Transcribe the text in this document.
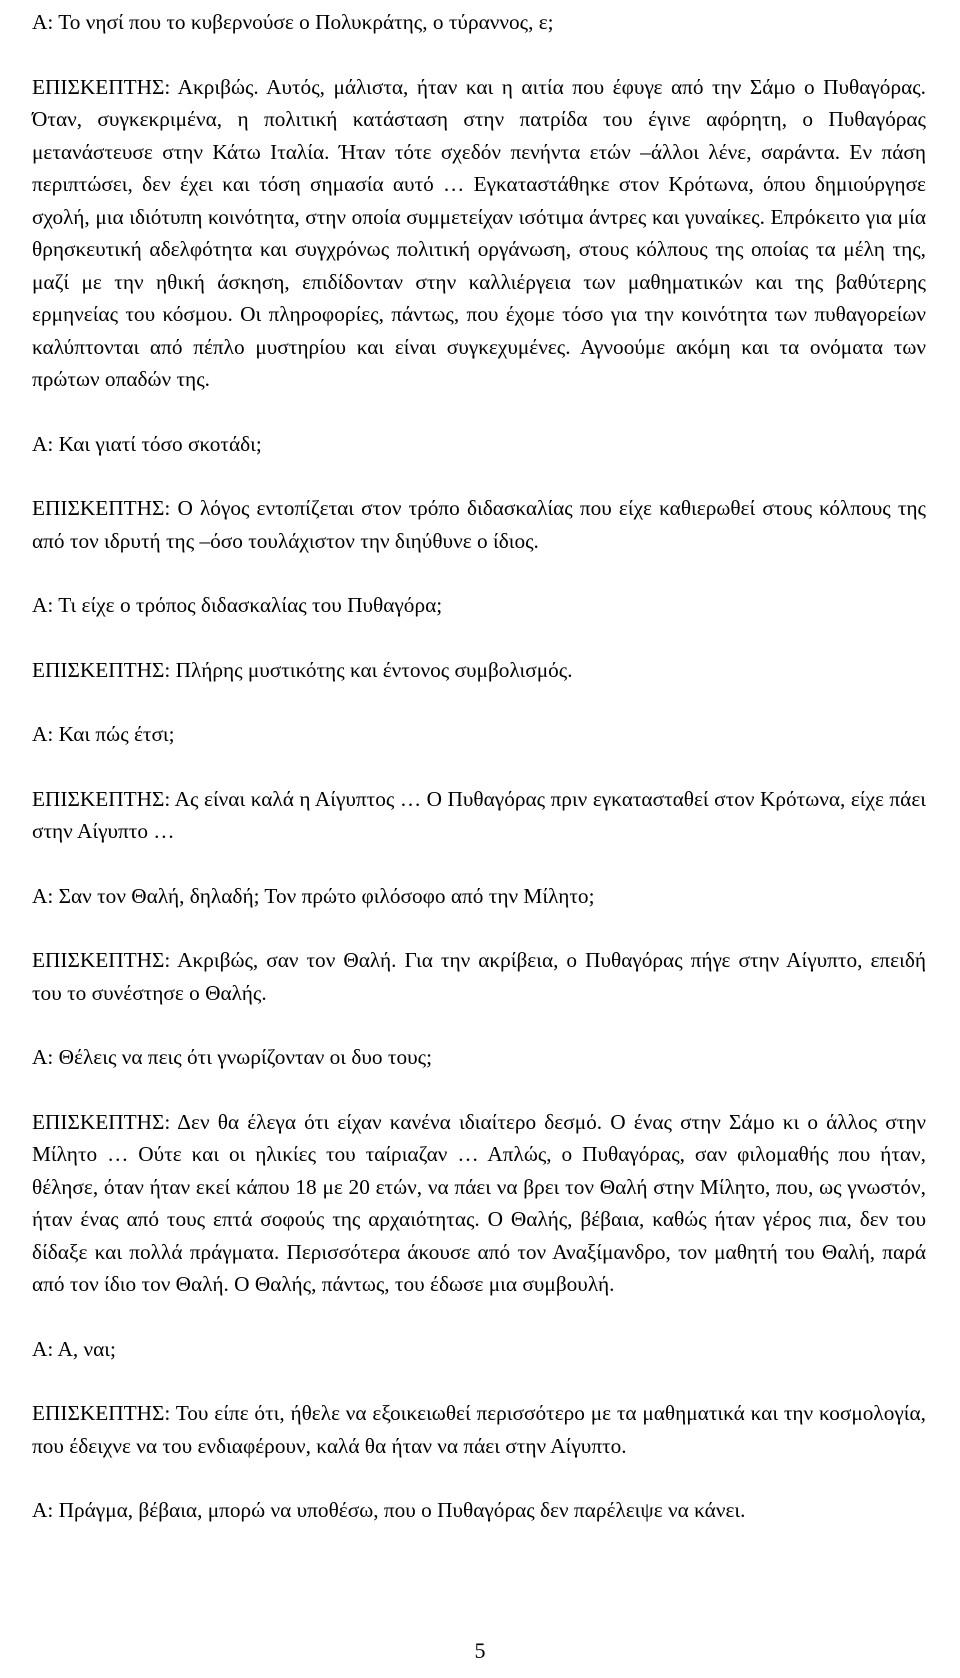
Α: Το νησί που το κυβερνούσε ο Πολυκράτης, ο τύραννος, ε;

ΕΠΙΣΚΕΠΤΗΣ: Ακριβώς. Αυτός, μάλιστα, ήταν και η αιτία που έφυγε από την Σάμο ο Πυθαγόρας. Όταν, συγκεκριμένα, η πολιτική κατάσταση στην πατρίδα του έγινε αφόρητη, ο Πυθαγόρας μετανάστευσε στην Κάτω Ιταλία. Ήταν τότε σχεδόν πενήντα ετών –άλλοι λένε, σαράντα. Εν πάση περιπτώσει, δεν έχει και τόση σημασία αυτό … Εγκαταστάθηκε στον Κρότωνα, όπου δημιούργησε σχολή, μια ιδιότυπη κοινότητα, στην οποία συμμετείχαν ισότιμα άντρες και γυναίκες. Επρόκειτο για μία θρησκευτική αδελφότητα και συγχρόνως πολιτική οργάνωση, στους κόλπους της οποίας τα μέλη της, μαζί με την ηθική άσκηση, επιδίδονταν στην καλλιέργεια των μαθηματικών και της βαθύτερης ερμηνείας του κόσμου. Οι πληροφορίες, πάντως, που έχομε τόσο για την κοινότητα των πυθαγορείων καλύπτονται από πέπλο μυστηρίου και είναι συγκεχυμένες. Αγνοούμε ακόμη και τα ονόματα των πρώτων οπαδών της.

Α: Και γιατί τόσο σκοτάδι;

ΕΠΙΣΚΕΠΤΗΣ: Ο λόγος εντοπίζεται στον τρόπο διδασκαλίας που είχε καθιερωθεί στους κόλπους της από τον ιδρυτή της –όσο τουλάχιστον την διηύθυνε ο ίδιος.

Α: Τι είχε ο τρόπος διδασκαλίας του Πυθαγόρα;

ΕΠΙΣΚΕΠΤΗΣ: Πλήρης μυστικότης και έντονος συμβολισμός.

Α: Και πώς έτσι;

ΕΠΙΣΚΕΠΤΗΣ: Ας είναι καλά η Αίγυπτος … Ο Πυθαγόρας πριν εγκατασταθεί στον Κρότωνα, είχε πάει στην Αίγυπτο …

Α: Σαν τον Θαλή, δηλαδή; Τον πρώτο φιλόσοφο από την Μίλητο;

ΕΠΙΣΚΕΠΤΗΣ: Ακριβώς, σαν τον Θαλή. Για την ακρίβεια, ο Πυθαγόρας πήγε στην Αίγυπτο, επειδή του το συνέστησε ο Θαλής.

Α: Θέλεις να πεις ότι γνωρίζονταν οι δυο τους;

ΕΠΙΣΚΕΠΤΗΣ: Δεν θα έλεγα ότι είχαν κανένα ιδιαίτερο δεσμό. Ο ένας στην Σάμο κι ο άλλος στην Μίλητο … Ούτε και οι ηλικίες του ταίριαζαν … Απλώς, ο Πυθαγόρας, σαν φιλομαθής που ήταν, θέλησε, όταν ήταν εκεί κάπου 18 με 20 ετών, να πάει να βρει τον Θαλή στην Μίλητο, που, ως γνωστόν, ήταν ένας από τους επτά σοφούς της αρχαιότητας. Ο Θαλής, βέβαια, καθώς ήταν γέρος πια, δεν του δίδαξε και πολλά πράγματα. Περισσότερα άκουσε από τον Αναξίμανδρο, τον μαθητή του Θαλή, παρά από τον ίδιο τον Θαλή. Ο Θαλής, πάντως, του έδωσε μια συμβουλή.

Α: Α, ναι;

ΕΠΙΣΚΕΠΤΗΣ: Του είπε ότι, ήθελε να εξοικειωθεί περισσότερο με τα μαθηματικά και την κοσμολογία, που έδειχνε να του ενδιαφέρουν, καλά θα ήταν να πάει στην Αίγυπτο.

Α: Πράγμα, βέβαια, μπορώ να υποθέσω, που ο Πυθαγόρας δεν παρέλειψε να κάνει.

5
